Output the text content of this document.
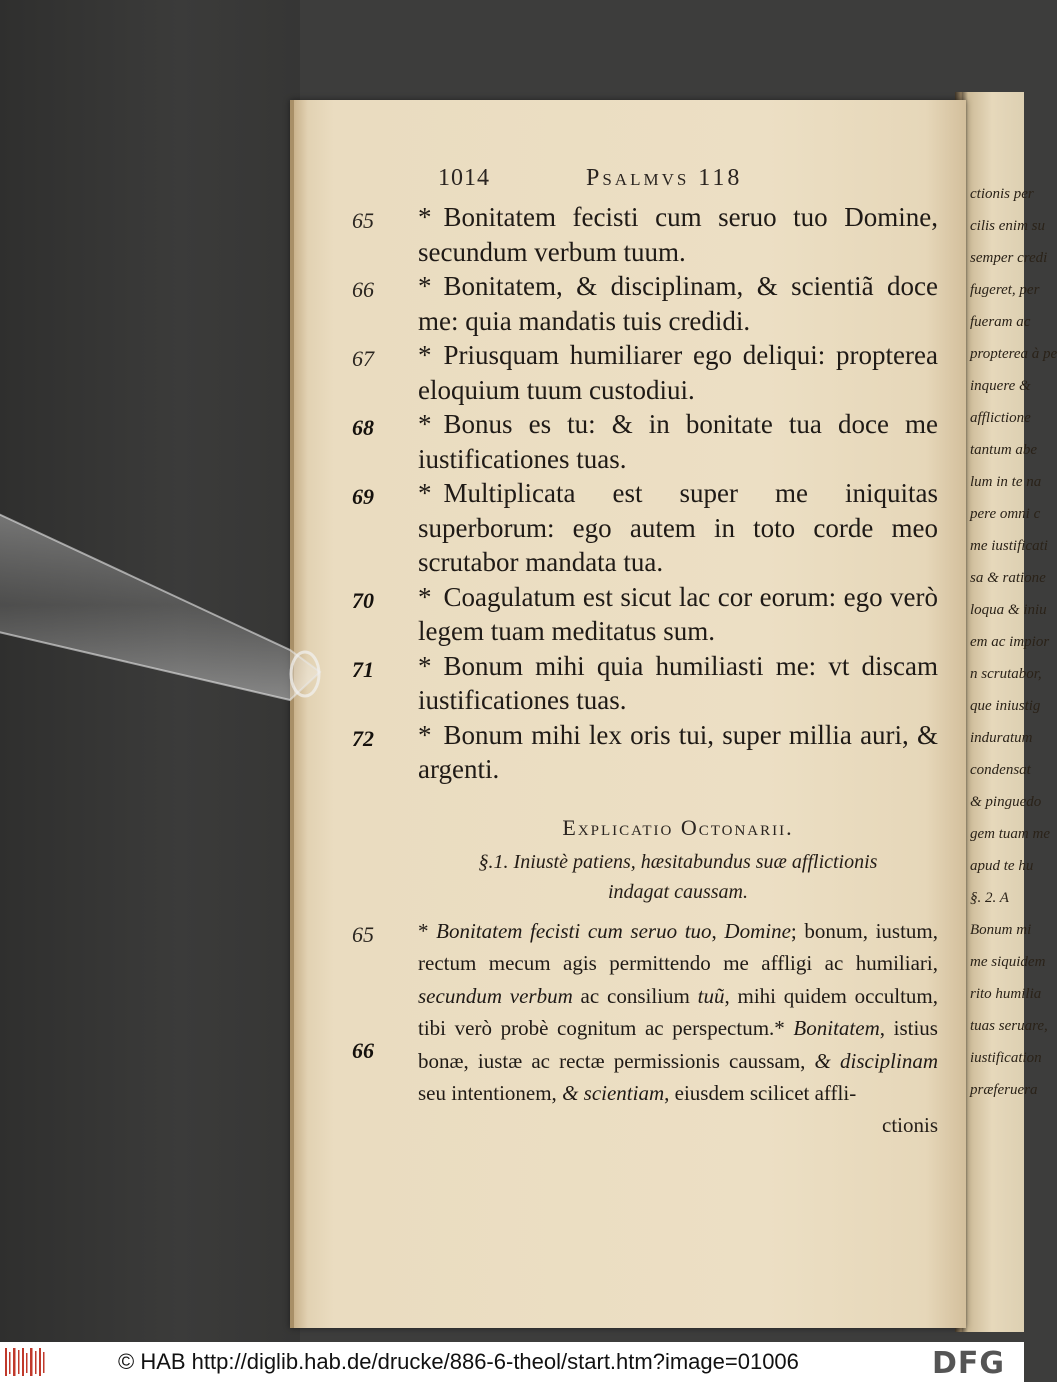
ctionis per
cilis enim su
semper credi
fugeret, per
fueram ac
propterea à pe
inquere &
afflictione
tantum abe
lum in te na
pere omni c
me iustificati
sa & ratione
loqua & iniu
em ac impior
n scrutabor,
que iniustig
induratum
condensat
& pinguedo
gem tuam me
apud te hu
§. 2. A
Bonum mi
me siquidem
rito humilia
tuas seruare,
iustification
præferuera
1014	Psalmvs 118
65	* Bonitatem fecisti cum seruo tuo Domine, secundum verbum tuum.
66	* Bonitatem, & disciplinam, & scientiã doce me: quia mandatis tuis credidi.
67	* Priusquam humiliarer ego deliqui: propterea eloquium tuum custodiui.
68	* Bonus es tu: & in bonitate tua doce me iustificationes tuas.
69	* Multiplicata est super me iniquitas superborum: ego autem in toto corde meo scrutabor mandata tua.
70	* Coagulatum est sicut lac cor eorum: ego verò legem tuam meditatus sum.
71	* Bonum mihi quia humiliasti me: vt discam iustificationes tuas.
72	* Bonum mihi lex oris tui, super millia auri, & argenti.
Explicatio Octonarii.
§.1. Iniustè patiens, hæsitabundus suæ afflictionis indagat caussam.
65
66
* Bonitatem fecisti cum seruo tuo, Domine; bonum, iustum, rectum mecum agis permittendo me affligi ac humiliari, secundum verbum ac consilium tuũ, mihi quidem occultum, tibi verò probè cognitum ac perspectum.* Bonitatem, istius bonæ, iustæ ac rectæ permissionis caussam, & disciplinam seu intentionem, & scientiam, eiusdem scilicet affli-
ctionis
© HAB http://diglib.hab.de/drucke/886-6-theol/start.htm?image=01006	DFG
